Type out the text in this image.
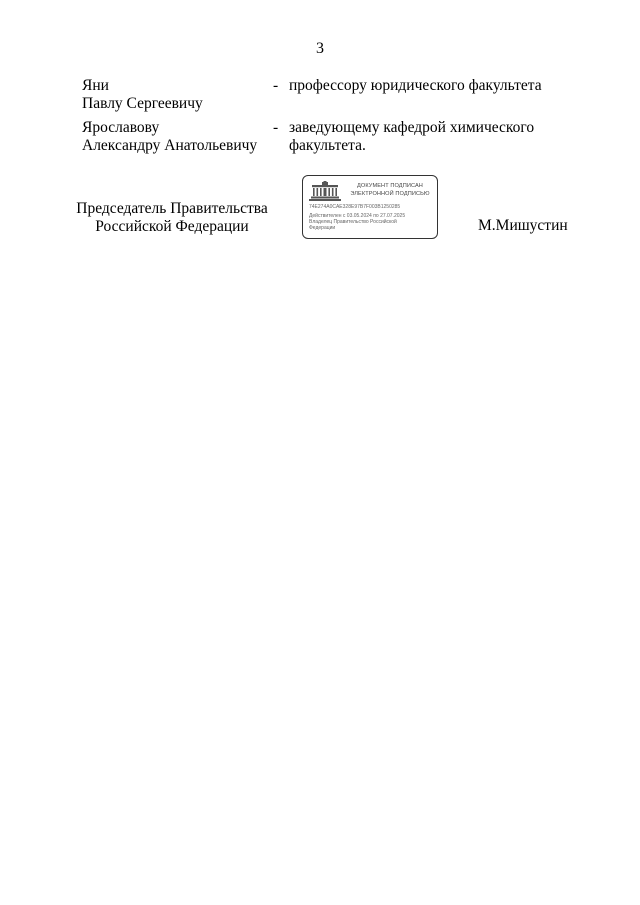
3
Яни
Павлу Сергеевичу
- профессору юридического факультета
Ярославову
Александру Анатольевичу
- заведующему кафедрой химического
факультета.
Председатель Правительства
Российской Федерации
ДОКУМЕНТ ПОДПИСАН
ЭЛЕКТРОННОЙ ПОДПИСЬЮ
74E274A0CAE328E97B7F003B1250285
Действителен с 03.05.2024 по 27.07.2025
Владелец Правительство Российской
Федерации	М.Мишустин
